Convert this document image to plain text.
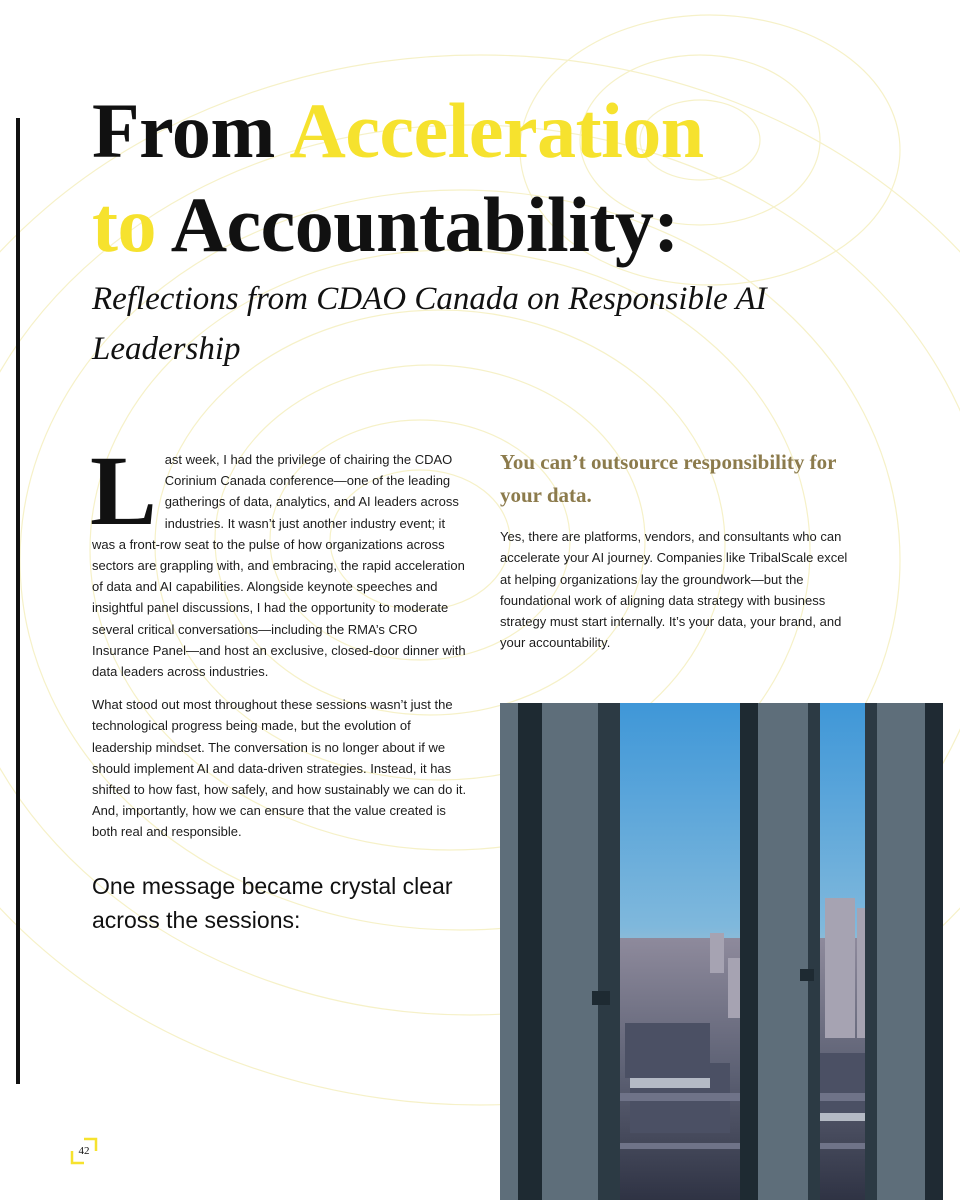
From Acceleration
to Accountability:
Reflections from CDAO Canada on Responsible AI Leadership

Last week, I had the privilege of chairing the CDAO Corinium Canada conference—one of the leading gatherings of data, analytics, and AI leaders across industries. It wasn’t just another industry event; it was a front-row seat to the pulse of how organizations across sectors are grappling with, and embracing, the rapid acceleration of data and AI capabilities. Alongside keynote speeches and insightful panel discussions, I had the opportunity to moderate several critical conversations—including the RMA’s CRO Insurance Panel—and host an exclusive, closed-door dinner with data leaders across industries.

What stood out most throughout these sessions wasn’t just the technological progress being made, but the evolution of leadership mindset. The conversation is no longer about if we should implement AI and data-driven strategies. Instead, it has shifted to how fast, how safely, and how sustainably we can do it. And, importantly, how we can ensure that the value created is both real and responsible.

One message became crystal clear across the sessions:
You can’t outsource responsibility for your data.

Yes, there are platforms, vendors, and consultants who can accelerate your AI journey. Companies like TribalScale excel at helping organizations lay the groundwork—but the foundational work of aligning data strategy with business strategy must start internally. It’s your data, your brand, and your accountability.

42
